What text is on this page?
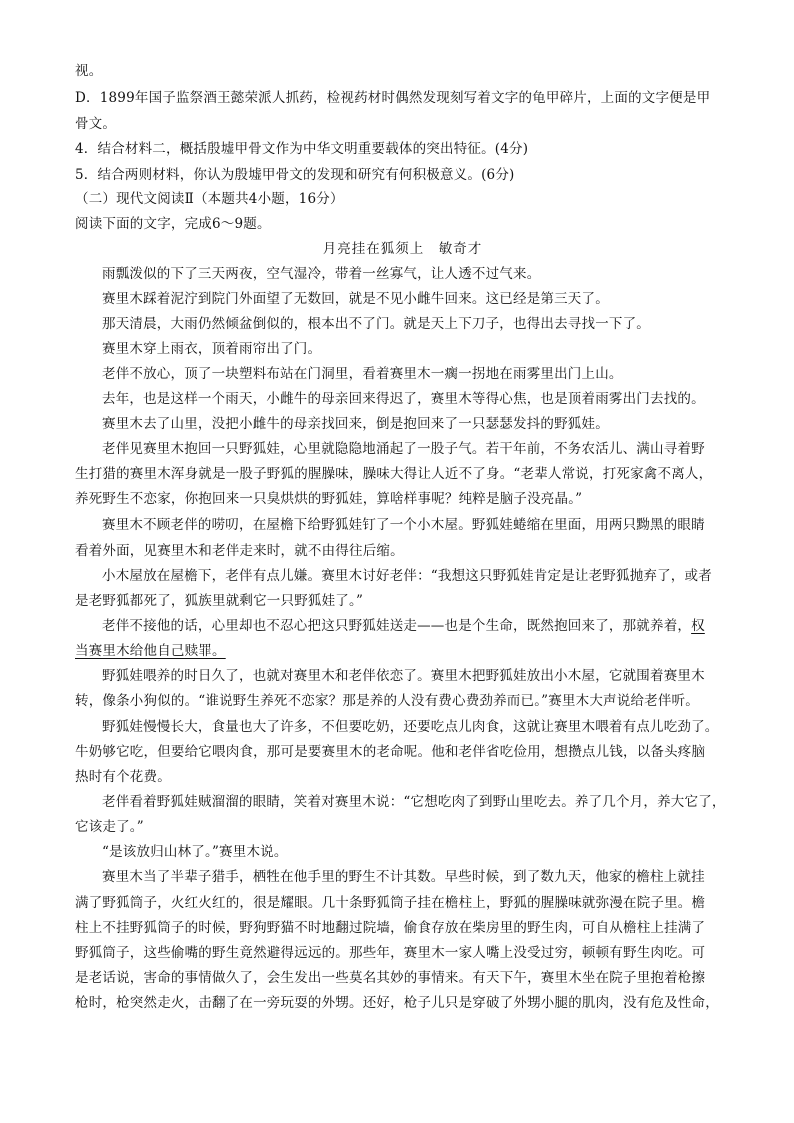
视。
D．1899年国子监祭酒王懿荣派人抓药，检视药材时偶然发现刻写着文字的龟甲碎片，上面的文字便是甲
骨文。
4．结合材料二，概括殷墟甲骨文作为中华文明重要载体的突出特征。(4分)
5．结合两则材料，你认为殷墟甲骨文的发现和研究有何积极意义。(6分)
（二）现代文阅读Ⅱ（本题共4小题，16分）
阅读下面的文字，完成6～9题。
月亮挂在狐须上　敏奇才
雨瓢泼似的下了三天两夜，空气湿冷，带着一丝寡气，让人透不过气来。
赛里木踩着泥泞到院门外面望了无数回，就是不见小雌牛回来。这已经是第三天了。
那天清晨，大雨仍然倾盆倒似的，根本出不了门。就是天上下刀子，也得出去寻找一下了。
赛里木穿上雨衣，顶着雨帘出了门。
老伴不放心，顶了一块塑料布站在门洞里，看着赛里木一瘸一拐地在雨雾里出门上山。
去年，也是这样一个雨天，小雌牛的母亲回来得迟了，赛里木等得心焦，也是顶着雨雾出门去找的。
赛里木去了山里，没把小雌牛的母亲找回来，倒是抱回来了一只瑟瑟发抖的野狐娃。
老伴见赛里木抱回一只野狐娃，心里就隐隐地涌起了一股子气。若干年前，不务农活儿、满山寻着野
生打猎的赛里木浑身就是一股子野狐的腥臊味，臊味大得让人近不了身。“老辈人常说，打死家禽不离人，
养死野生不恋家，你抱回来一只臭烘烘的野狐娃，算啥样事呢？纯粹是脑子没亮晶。”
赛里木不顾老伴的唠叨，在屋檐下给野狐娃钉了一个小木屋。野狐娃蜷缩在里面，用两只黝黑的眼睛
看着外面，见赛里木和老伴走来时，就不由得往后缩。
小木屋放在屋檐下，老伴有点儿嫌。赛里木讨好老伴：“我想这只野狐娃肯定是让老野狐抛弃了，或者
是老野狐都死了，狐族里就剩它一只野狐娃了。”
老伴不接他的话，心里却也不忍心把这只野狐娃送走——也是个生命，既然抱回来了，那就养着，权
当赛里木给他自己赎罪。
野狐娃喂养的时日久了，也就对赛里木和老伴依恋了。赛里木把野狐娃放出小木屋，它就围着赛里木
转，像条小狗似的。“谁说野生养死不恋家？那是养的人没有费心费劲养而已。”赛里木大声说给老伴听。
野狐娃慢慢长大，食量也大了许多，不但要吃奶，还要吃点儿肉食，这就让赛里木喂着有点儿吃劲了。
牛奶够它吃，但要给它喂肉食，那可是要赛里木的老命呢。他和老伴省吃俭用，想攒点儿钱，以备头疼脑
热时有个花费。
老伴看着野狐娃贼溜溜的眼睛，笑着对赛里木说：“它想吃肉了到野山里吃去。养了几个月，养大它了，
它该走了。”
“是该放归山林了。”赛里木说。
赛里木当了半辈子猎手，栖牲在他手里的野生不计其数。早些时候，到了数九天，他家的檐柱上就挂
满了野狐筒子，火红火红的，很是耀眼。几十条野狐筒子挂在檐柱上，野狐的腥臊味就弥漫在院子里。檐
柱上不挂野狐筒子的时候，野狗野猫不时地翻过院墙，偷食存放在柴房里的野生肉，可自从檐柱上挂满了
野狐筒子，这些偷嘴的野生竟然避得远远的。那些年，赛里木一家人嘴上没受过穷，顿顿有野生肉吃。可
是老话说，害命的事情做久了，会生发出一些莫名其妙的事情来。有天下午，赛里木坐在院子里抱着枪擦
枪时，枪突然走火，击翻了在一旁玩耍的外甥。还好，枪子儿只是穿破了外甥小腿的肌肉，没有危及性命，
